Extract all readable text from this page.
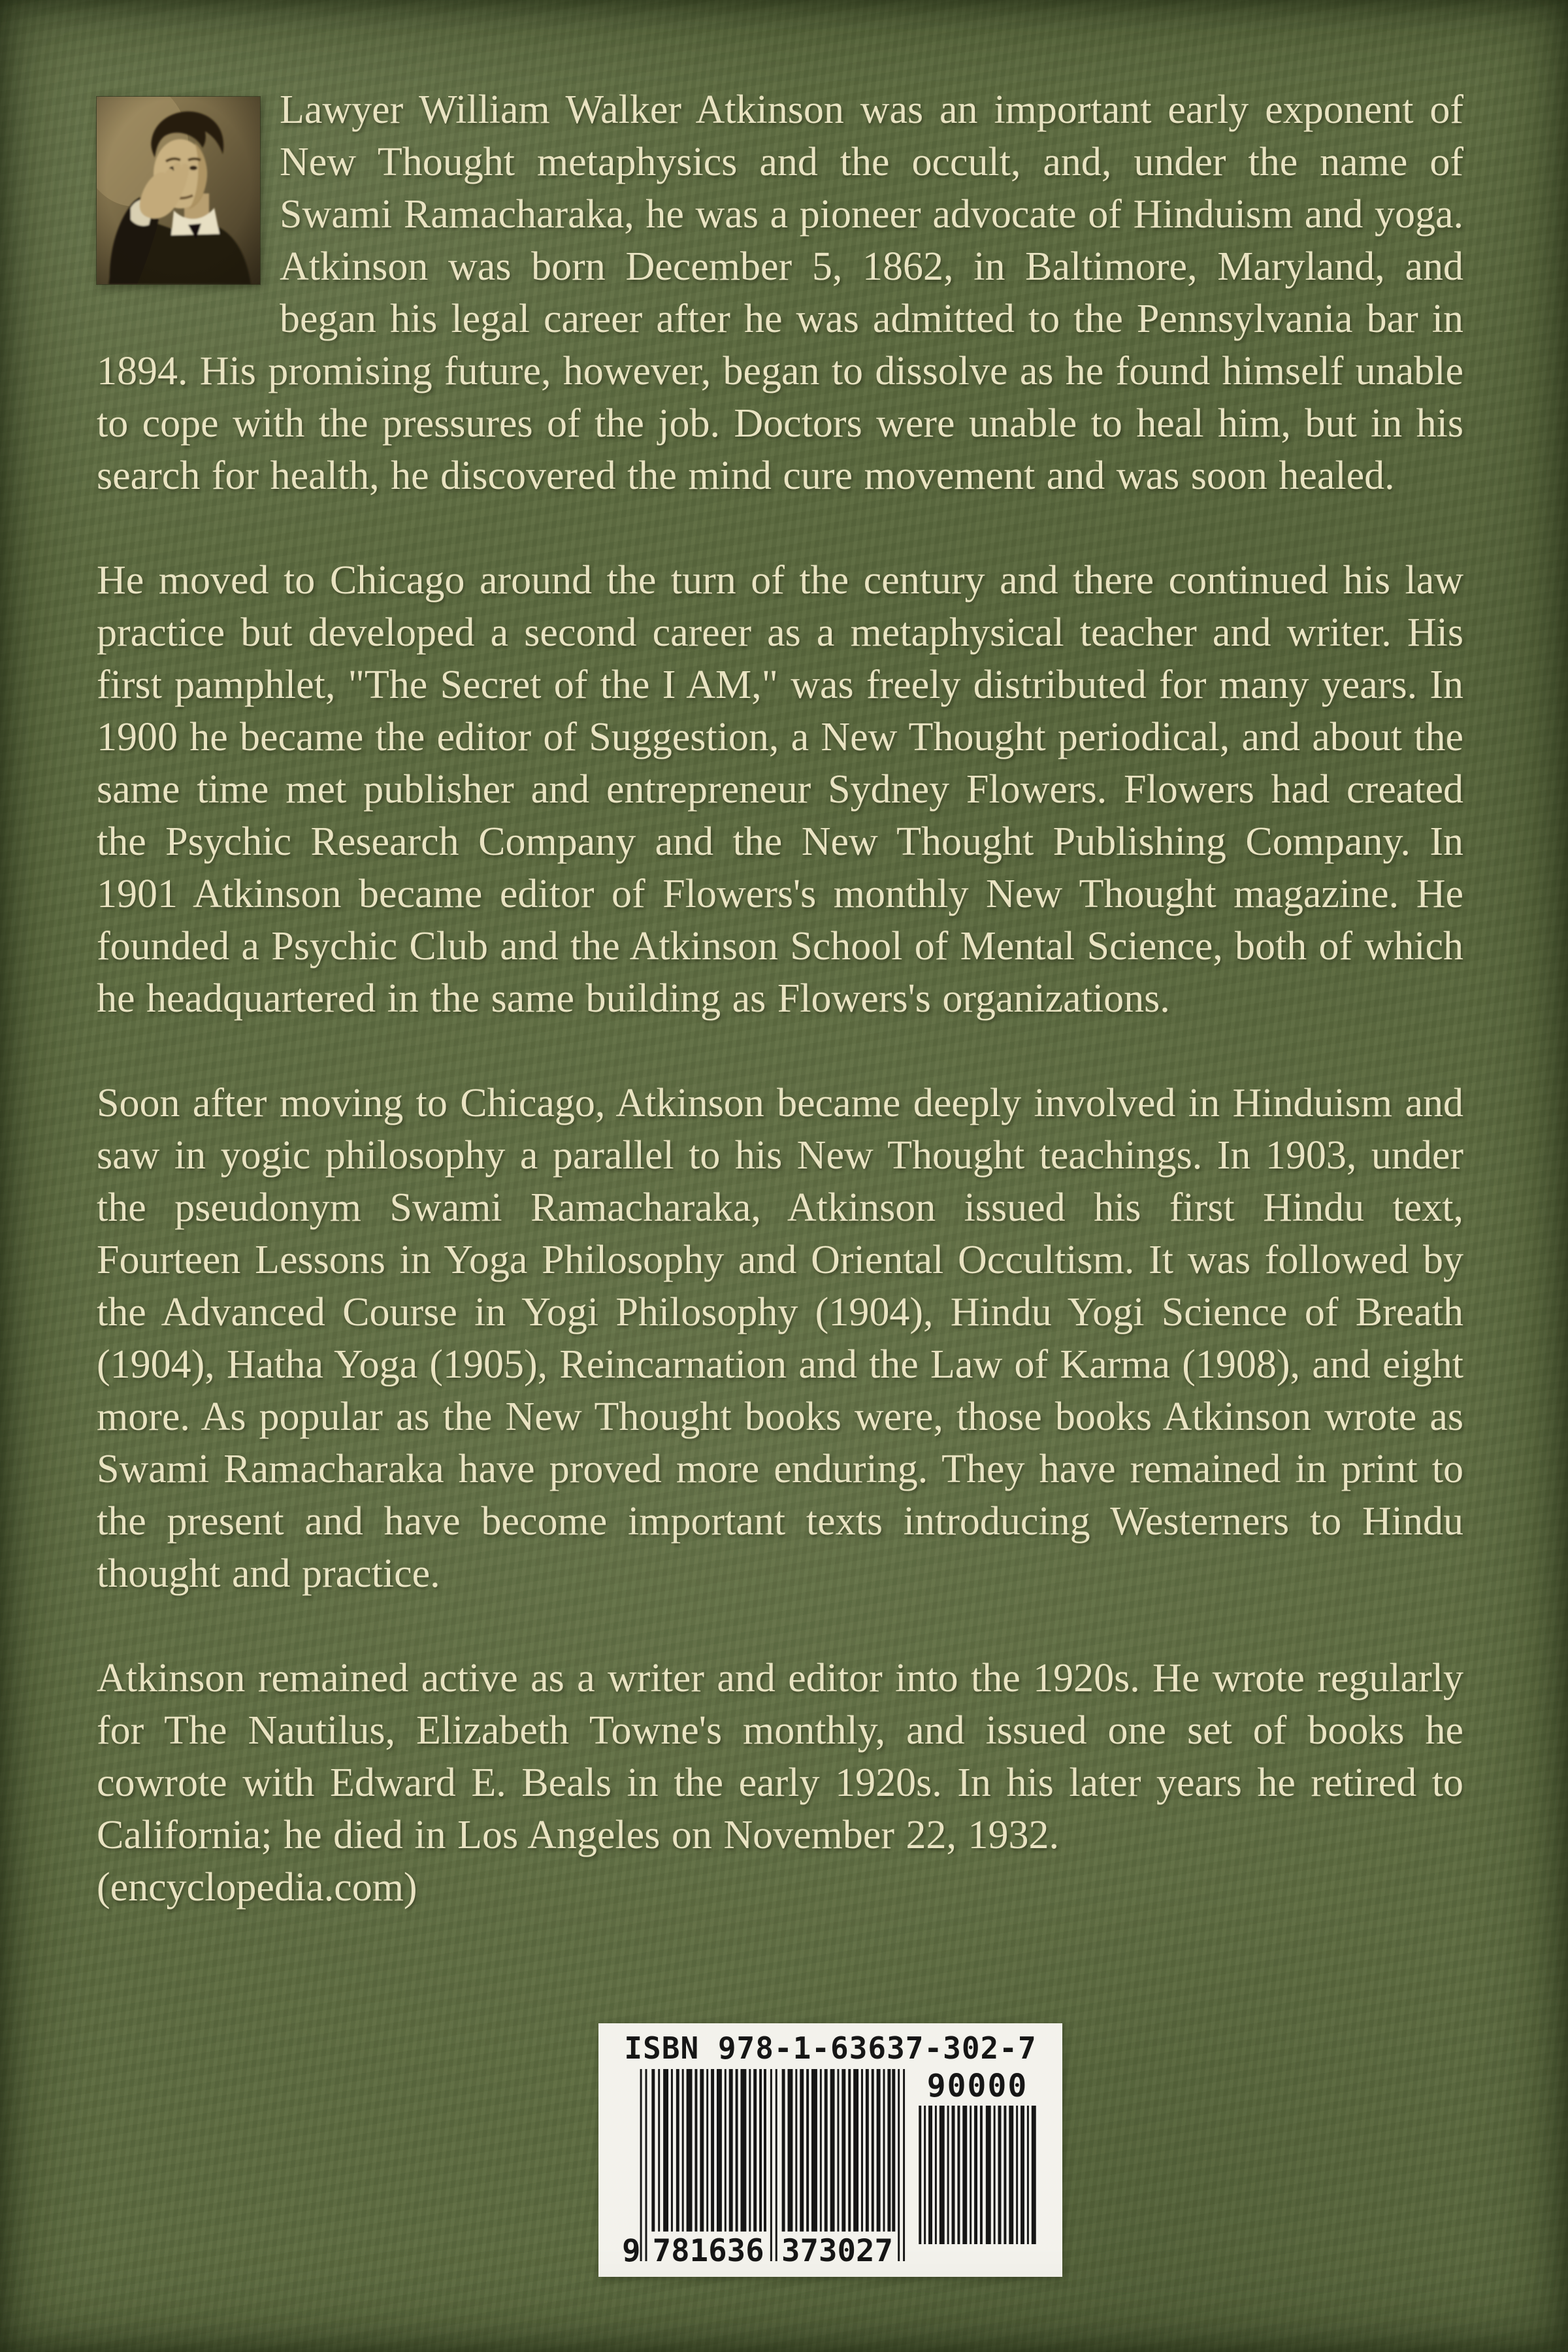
Lawyer William Walker Atkinson was an important early exponent of New Thought metaphysics and the occult, and, under the name of Swami Ramacharaka, he was a pioneer advocate of Hinduism and yoga. Atkinson was born December 5, 1862, in Baltimore, Maryland, and began his legal career after he was admitted to the Pennsylvania bar in 1894. His promising future, however, began to dissolve as he found himself unable to cope with the pressures of the job. Doctors were unable to heal him, but in his search for health, he discovered the mind cure movement and was soon healed.

He moved to Chicago around the turn of the century and there continued his law practice but developed a second career as a metaphysical teacher and writer. His first pamphlet, "The Secret of the I AM," was freely distributed for many years. In 1900 he became the editor of Suggestion, a New Thought periodical, and about the same time met publisher and entrepreneur Sydney Flowers. Flowers had created the Psychic Research Company and the New Thought Publishing Company. In 1901 Atkinson became editor of Flowers's monthly New Thought magazine. He founded a Psychic Club and the Atkinson School of Mental Science, both of which he headquartered in the same building as Flowers's organizations.

Soon after moving to Chicago, Atkinson became deeply involved in Hinduism and saw in yogic philosophy a parallel to his New Thought teachings. In 1903, under the pseudonym Swami Ramacharaka, Atkinson issued his first Hindu text, Fourteen Lessons in Yoga Philosophy and Oriental Occultism. It was followed by the Advanced Course in Yogi Philosophy (1904), Hindu Yogi Science of Breath (1904), Hatha Yoga (1905), Reincarnation and the Law of Karma (1908), and eight more. As popular as the New Thought books were, those books Atkinson wrote as Swami Ramacharaka have proved more enduring. They have remained in print to the present and have become important texts introducing Westerners to Hindu thought and practice.

Atkinson remained active as a writer and editor into the 1920s. He wrote regularly for The Nautilus, Elizabeth Towne's monthly, and issued one set of books he cowrote with Edward E. Beals in the early 1920s. In his later years he retired to California; he died in Los Angeles on November 22, 1932.

(encyclopedia.com)

ISBN 978-1-63637-302-7
9 781636 373027
90000
